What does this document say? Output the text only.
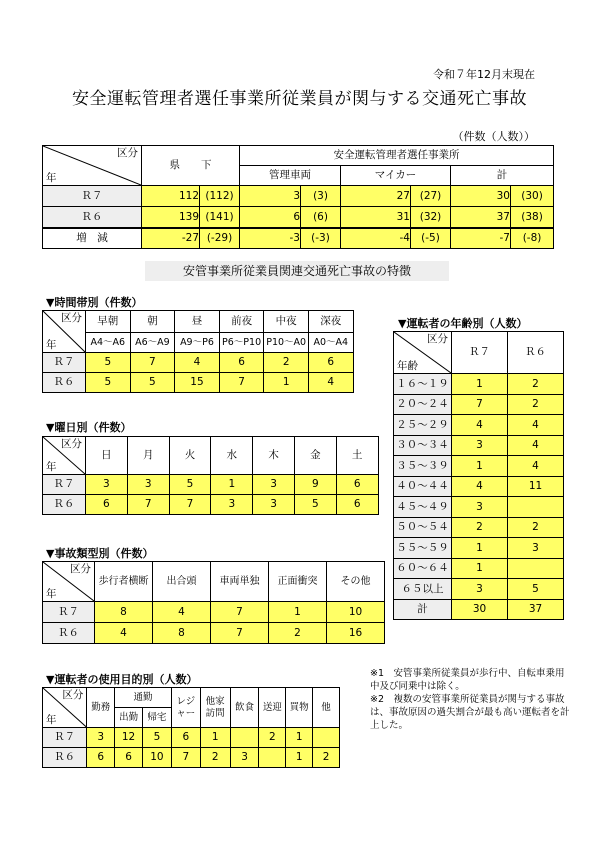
令和７年12月末現在
安全運転管理者選任事業所従業員が関与する交通死亡事故
（件数（人数））
区分
年	県　　下		安全運転管理者選任事業所					
			管理車両		マイカー		計	
Ｒ７	112	(112)	3	(3)	27	(27)	30	(30)
Ｒ６	139	(141)	6	(6)	31	(32)	37	(38)
増　減	-27	(-29)	-3	(-3)	-4	(-5)	-7	(-8)
安管事業所従業員関連交通死亡事故の特徴
▼時間帯別（件数）
区分
年	早朝	朝	昼	前夜	中夜	深夜
	A4～A6	A6～A9	A9～P6	P6～P10	P10～A0	A0～A4
Ｒ７	5	7	4	6	2	6
Ｒ６	5	5	15	7	1	4
▼曜日別（件数）
区分
年	日	月	火	水	木	金	土
Ｒ７	3	3	5	1	3	9	6
Ｒ６	6	7	7	3	3	5	6
▼事故類型別（件数）
区分
年	歩行者横断	出合頭	車両単独	正面衝突	その他
Ｒ７	8	4	7	1	10
Ｒ６	4	8	7	2	16
▼運転者の使用目的別（人数）
区分
年	勤務	通勤		レジャー	他家訪問	飲食	送迎	買物	他
		出勤	帰宅						
Ｒ７	3	12	5	6	1		2	1	
Ｒ６	6	6	10	7	2	3		1	2
▼運転者の年齢別（人数）
区分
年齢	Ｒ７	Ｒ６
１６～１９	1	2
２０～２４	7	2
２５～２９	4	4
３０～３４	3	4
３５～３９	1	4
４０～４４	4	11
４５～４９	3	
５０～５４	2	2
５５～５９	1	3
６０～６４	1	
６５以上	3	5
計	30	37
※1　安管事業所従業員が歩行中、自転車乗用中及び同乗中は除く。
※2　複数の安管事業所従業員が関与する事故は、事故原因の過失割合が最も高い運転者を計上した。
